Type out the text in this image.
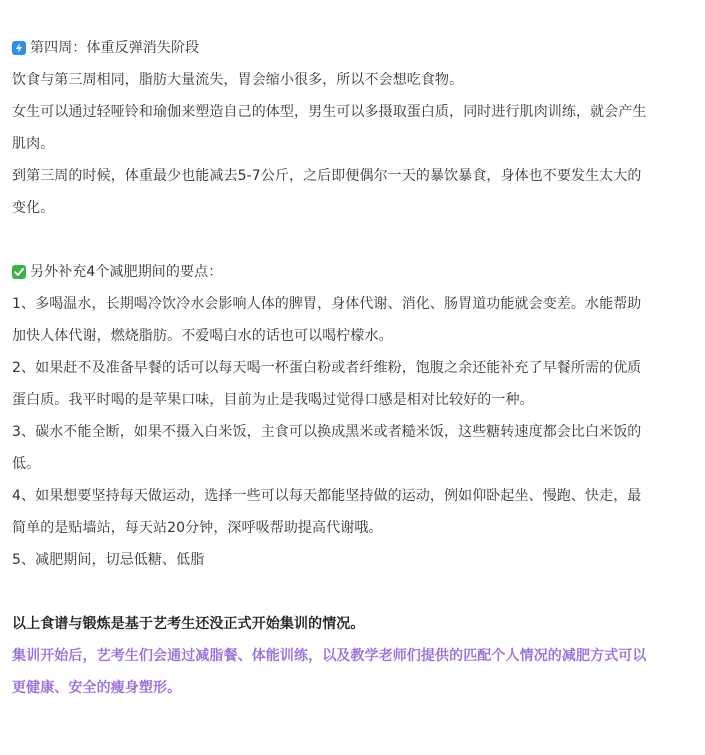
第四周：体重反弹消失阶段
饮食与第三周相同，脂肪大量流失，胃会缩小很多，所以不会想吃食物。
女生可以通过轻哑铃和瑜伽来塑造自己的体型，男生可以多摄取蛋白质，同时进行肌肉训练，就会产生
肌肉。
到第三周的时候，体重最少也能减去5-7公斤，之后即便偶尔一天的暴饮暴食，身体也不要发生太大的
变化。
另外补充4个减肥期间的要点：
1、多喝温水，长期喝冷饮冷水会影响人体的脾胃，身体代谢、消化、肠胃道功能就会变差。水能帮助
加快人体代谢，燃烧脂肪。不爱喝白水的话也可以喝柠檬水。
2、如果赶不及准备早餐的话可以每天喝一杯蛋白粉或者纤维粉，饱腹之余还能补充了早餐所需的优质
蛋白质。我平时喝的是苹果口味，目前为止是我喝过觉得口感是相对比较好的一种。
3、碳水不能全断，如果不摄入白米饭，主食可以换成黑米或者糙米饭，这些糖转速度都会比白米饭的
低。
4、如果想要坚持每天做运动，选择一些可以每天都能坚持做的运动，例如仰卧起坐、慢跑、快走，最
简单的是贴墙站，每天站20分钟，深呼吸帮助提高代谢哦。
5、减肥期间，切忌低糖、低脂
以上食谱与锻炼是基于艺考生还没正式开始集训的情况。
集训开始后，艺考生们会通过减脂餐、体能训练，以及教学老师们提供的匹配个人情况的减肥方式可以
更健康、安全的瘦身塑形。
